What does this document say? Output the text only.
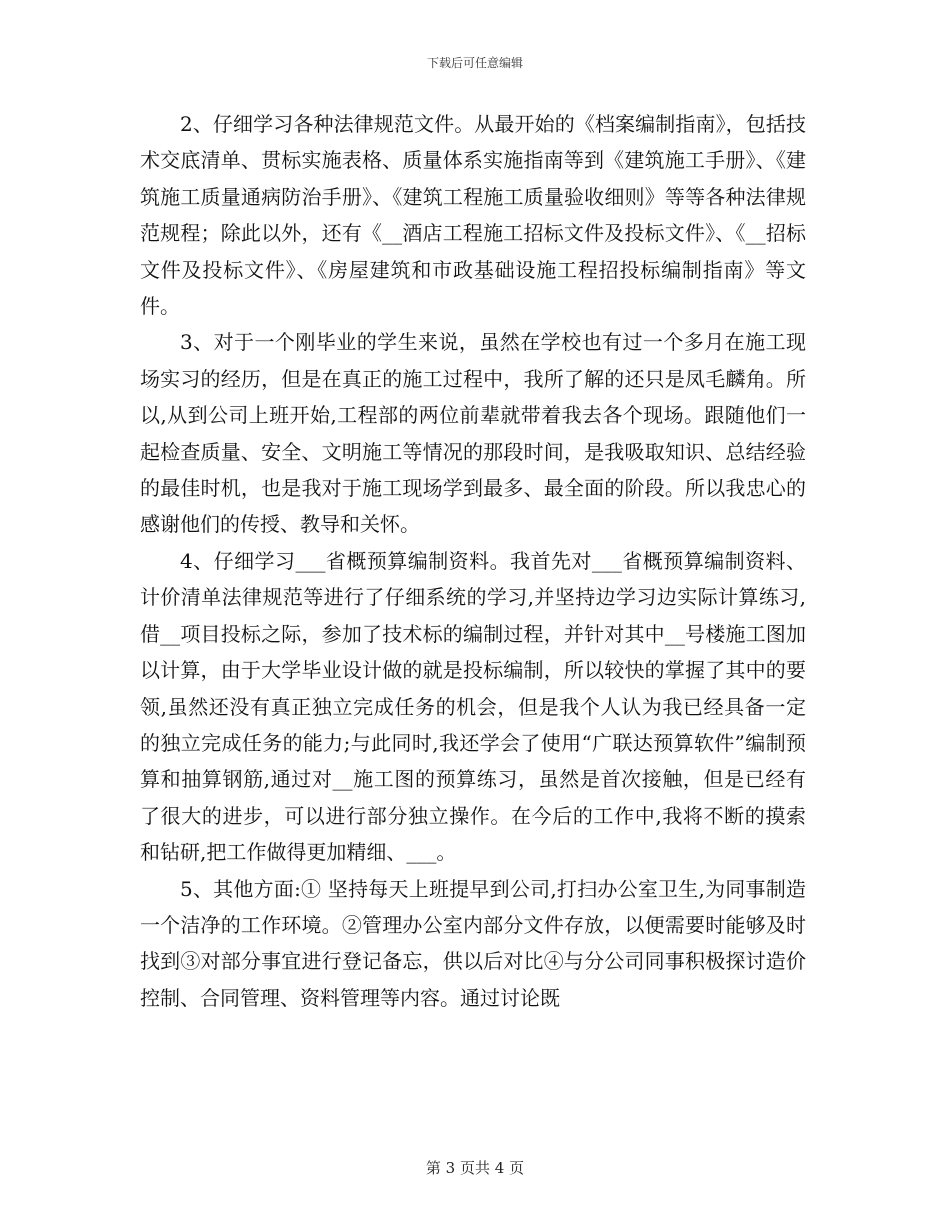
下载后可任意编辑

2、仔细学习各种法律规范文件。从最开始的《档案编制指南》，包括技术交底清单、贯标实施表格、质量体系实施指南等到《建筑施工手册》、《建筑施工质量通病防治手册》、《建筑工程施工质量验收细则》等等各种法律规范规程；除此以外，还有《__酒店工程施工招标文件及投标文件》、《__招标文件及投标文件》、《房屋建筑和市政基础设施工程招投标编制指南》等文件。

3、对于一个刚毕业的学生来说，虽然在学校也有过一个多月在施工现场实习的经历，但是在真正的施工过程中，我所了解的还只是凤毛麟角。所以,从到公司上班开始,工程部的两位前辈就带着我去各个现场。跟随他们一起检查质量、安全、文明施工等情况的那段时间，是我吸取知识、总结经验的最佳时机，也是我对于施工现场学到最多、最全面的阶段。所以我忠心的感谢他们的传授、教导和关怀。

4、仔细学习___省概预算编制资料。我首先对___省概预算编制资料、计价清单法律规范等进行了仔细系统的学习,并坚持边学习边实际计算练习,借__项目投标之际，参加了技术标的编制过程，并针对其中__号楼施工图加以计算，由于大学毕业设计做的就是投标编制，所以较快的掌握了其中的要领,虽然还没有真正独立完成任务的机会，但是我个人认为我已经具备一定的独立完成任务的能力;与此同时,我还学会了使用“广联达预算软件”编制预算和抽算钢筋,通过对__施工图的预算练习，虽然是首次接触，但是已经有了很大的进步，可以进行部分独立操作。在今后的工作中,我将不断的摸索和钻研,把工作做得更加精细、___。

5、其他方面:① 坚持每天上班提早到公司,打扫办公室卫生,为同事制造一个洁净的工作环境。②管理办公室内部分文件存放，以便需要时能够及时找到③对部分事宜进行登记备忘，供以后对比④与分公司同事积极探讨造价控制、合同管理、资料管理等内容。通过讨论既

第 3 页共 4 页
